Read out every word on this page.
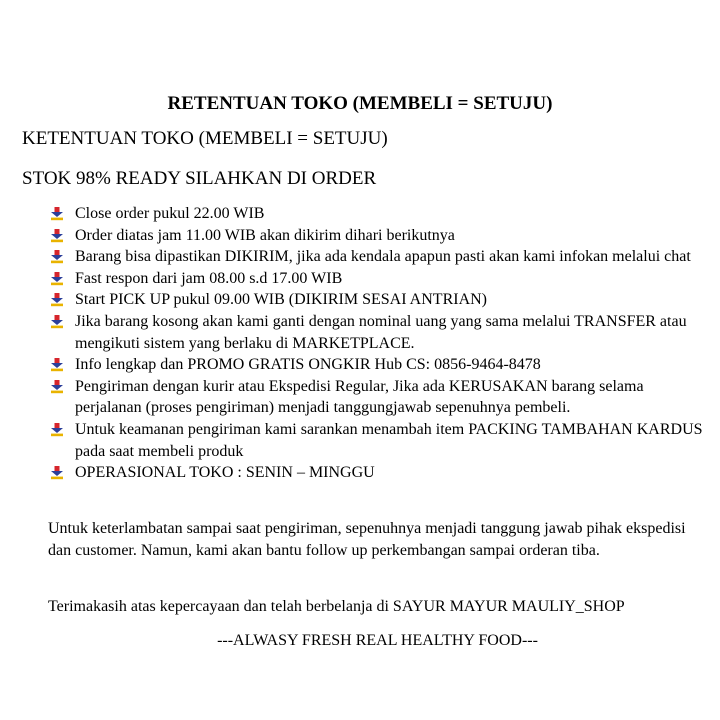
RETENTUAN TOKO (MEMBELI = SETUJU)
KETENTUAN TOKO (MEMBELI = SETUJU)
STOK 98% READY SILAHKAN DI ORDER
Close order pukul 22.00 WIB
Order diatas jam 11.00 WIB akan dikirim dihari berikutnya
Barang bisa dipastikan DIKIRIM, jika ada kendala apapun pasti akan kami infokan melalui chat
Fast respon dari jam 08.00 s.d 17.00 WIB
Start PICK UP pukul 09.00 WIB (DIKIRIM SESAI ANTRIAN)
Jika barang kosong akan kami ganti dengan nominal uang yang sama melalui TRANSFER atau mengikuti sistem yang berlaku di MARKETPLACE.
Info lengkap dan PROMO GRATIS ONGKIR Hub CS: 0856-9464-8478
Pengiriman dengan kurir atau Ekspedisi Regular, Jika ada KERUSAKAN barang selama perjalanan (proses pengiriman) menjadi tanggungjawab sepenuhnya pembeli.
Untuk keamanan pengiriman kami sarankan menambah item PACKING TAMBAHAN KARDUS pada saat membeli produk
OPERASIONAL TOKO : SENIN – MINGGU

Untuk keterlambatan sampai saat pengiriman, sepenuhnya menjadi tanggung jawab pihak ekspedisi dan customer. Namun, kami akan bantu follow up perkembangan sampai orderan tiba.

Terimakasih atas kepercayaan dan telah berbelanja di SAYUR MAYUR MAULIY_SHOP

---ALWASY FRESH REAL HEALTHY FOOD---
